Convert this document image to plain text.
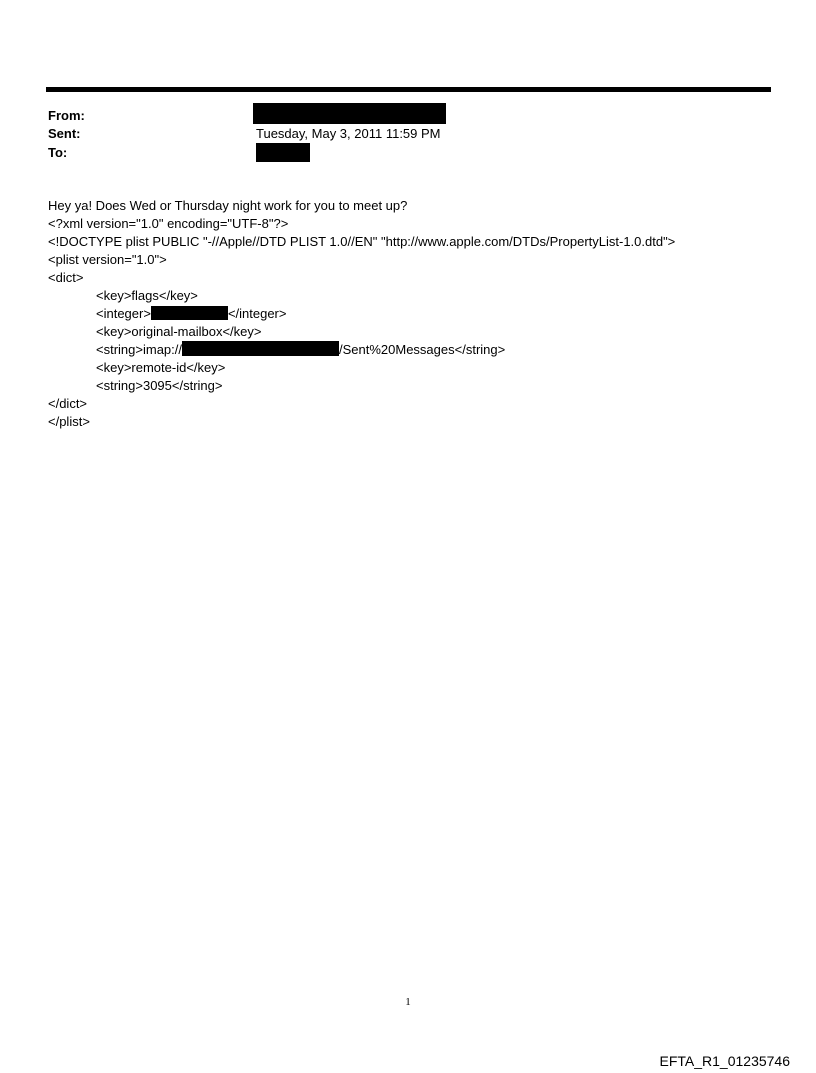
From:
Sent:	Tuesday, May 3, 2011 11:59 PM
To:
Hey ya! Does Wed or Thursday night work for you to meet up?
<?xml version="1.0" encoding="UTF-8"?>
<!DOCTYPE plist PUBLIC "-//Apple//DTD PLIST 1.0//EN" "http://www.apple.com/DTDs/PropertyList-1.0.dtd">
<plist version="1.0">
<dict>
<key>flags</key>
<integer>	</integer>
<key>original-mailbox</key>
<string>imap://	/Sent%20Messages</string>
<key>remote-id</key>
<string>3095</string>
</dict>
</plist>
1
EFTA_R1_01235746
